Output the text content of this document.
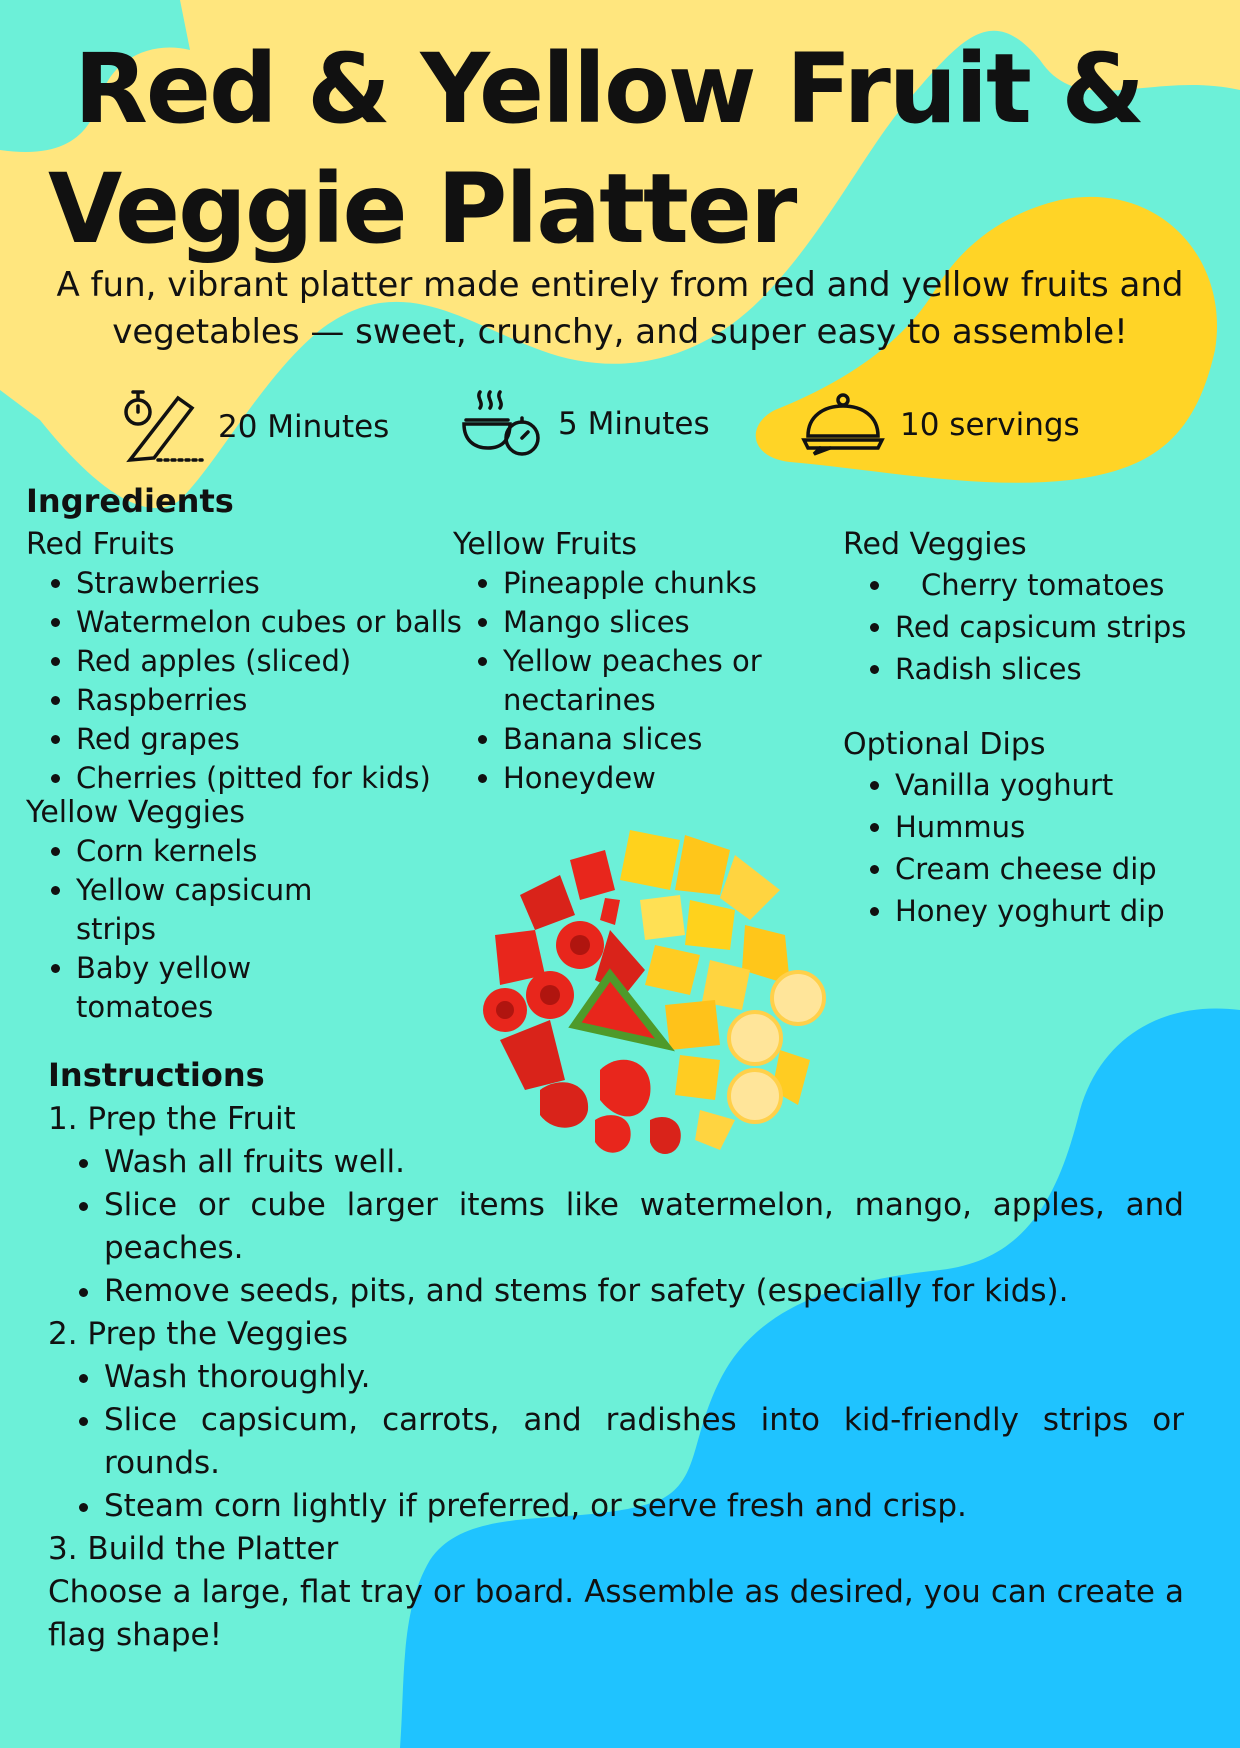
Red & Yellow Fruit &
Veggie Platter
A fun, vibrant platter made entirely from red and yellow fruits and vegetables — sweet, crunchy, and super easy to assemble!
20 Minutes	5 Minutes	10 servings
Ingredients

Red Fruits

• Strawberries
• Watermelon cubes or balls
• Red apples (sliced)
• Raspberries
• Red grapes
• Cherries (pitted for kids)

Yellow Veggies

• Corn kernels
• Yellow capsicum strips
• Baby yellow tomatoes

Yellow Fruits

• Pineapple chunks
• Mango slices
• Yellow peaches or nectarines
• Banana slices
• Honeydew

Red Veggies

• Cherry tomatoes
• Red capsicum strips
• Radish slices

Optional Dips

• Vanilla yoghurt
• Hummus
• Cream cheese dip
• Honey yoghurt dip
Instructions

1. Prep the Fruit

• Wash all fruits well.
• Slice or cube larger items like watermelon, mango, apples, and peaches.
• Remove seeds, pits, and stems for safety (especially for kids).

2. Prep the Veggies

• Wash thoroughly.
• Slice capsicum, carrots, and radishes into kid-friendly strips or rounds.
• Steam corn lightly if preferred, or serve fresh and crisp.

3. Build the Platter

Choose a large, flat tray or board. Assemble as desired, you can create a flag shape!
